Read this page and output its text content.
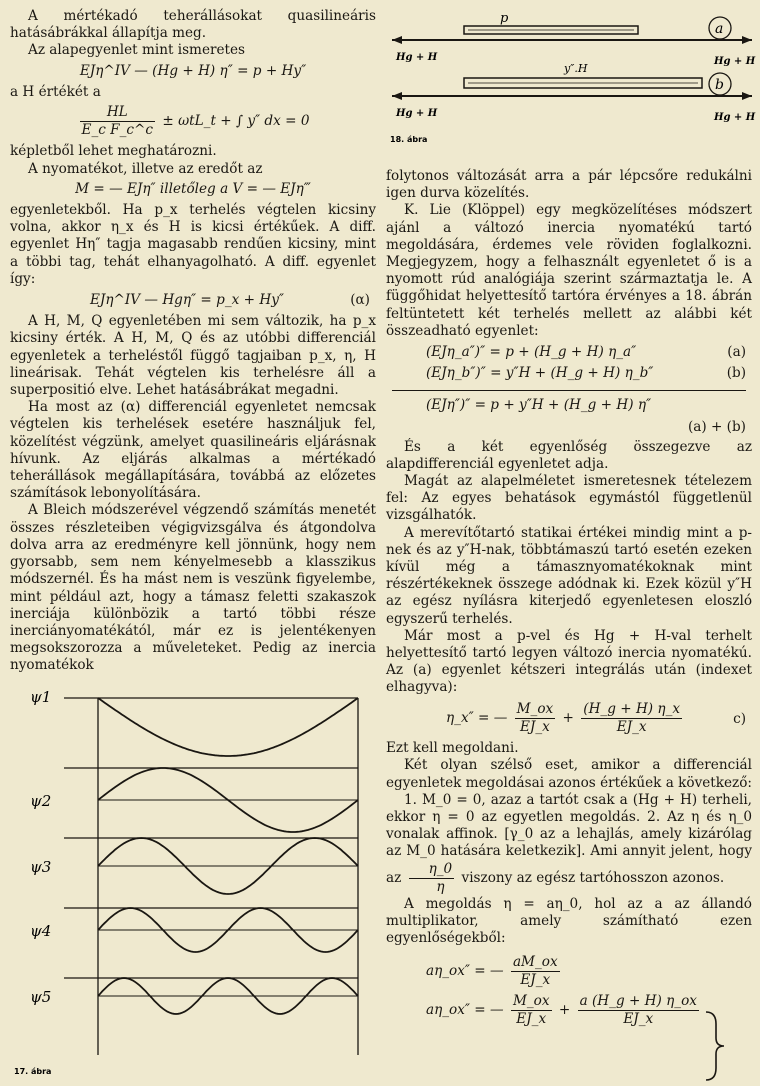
A mértékadó teherállásokat quasilineáris hatásábrákkal állapítja meg.

Az alapegyenlet mint ismeretes

EJη^IV — (Hg + H) η″ = p + Hy″

a H értékét a

$\frac{HL}{\text{E\_c F\_c\textasciicircum{}c}}$ ± ωtL_t + ∫ y″ dx = 0

képletből lehet meghatározni.

A nyomatékot, illetve az eredőt az

M = — EJη″ illetőleg a V = — EJη‴

egyenletekből. Ha p_x terhelés végtelen kicsiny volna, akkor η_x és H is kicsi értékűek. A diff. egyenlet Hη″ tagja magasabb rendűen kicsiny, mint a többi tag, tehát elhanyagolható. A diff. egyenlet így:

EJη^IV — Hgη″ = p_x + Hy″	(α)

A H, M, Q egyenletében mi sem változik, ha p_x kicsiny érték. A H, M, Q és az utóbbi differenciál egyenletek a terheléstől függő tagjaiban p_x, η, H lineárisak. Tehát végtelen kis terhelésre áll a superpositió elve. Lehet hatásábrákat megadni.

Ha most az (α) differenciál egyenletet nemcsak végtelen kis terhelések esetére használjuk fel, közelítést végzünk, amelyet quasilineáris eljárásnak hívunk. Az eljárás alkalmas a mértékadó teherállások megállapítására, továbbá az előzetes számítások lebonyolítására.

A Bleich módszerével végzendő számítás menetét összes részleteiben végigvizsgálva és átgondolva dolva arra az eredményre kell jönnünk, hogy nem gyorsabb, sem nem kényelmesebb a klasszikus módszernél. És ha mást nem is veszünk figyelembe, mint például azt, hogy a támasz feletti szakaszok inerciája különbözik a tartó többi része inerciányomatékától, már ez is jelentékenyen megsokszorozza a műveleteket. Pedig az inercia nyomatékok

ψ1
ψ2
ψ3
ψ4
ψ5
17. ábra
p
Hg + H	Hg + H
a
y″.H
Hg + H	Hg + H
b
18. ábra

folytonos változását arra a pár lépcsőre redukálni igen durva közelítés.

K. Lie (Klöppel) egy megközelítéses módszert ajánl a változó inercia nyomatékú tartó megoldására, érdemes vele röviden foglalkozni. Megjegyzem, hogy a felhasznált egyenletet ő is a nyomott rúd analógiája szerint származtatja le. A függőhidat helyettesítő tartóra érvényes a 18. ábrán feltüntetett két terhelés mellett az alábbi két összeadható egyenlet:

(EJη_a″)″ = p + (H_g + H) η_a″	(a)
(EJη_b″)″ = y″H + (H_g + H) η_b″	(b)
(EJη″)″ = p + y″H + (H_g + H) η″
(a) + (b)

És a két egyenlőség összegezve az alapdifferenciál egyenletet adja.

Magát az alapelméletet ismeretesnek tételezem fel: Az egyes behatások egymástól függetlenül vizsgálhatók.

A merevítőtartó statikai értékei mindig mint a p-nek és az y″H-nak, többtámaszú tartó esetén ezeken kívül még a támasznyomatékoknak mint részértékeknek összege adódnak ki. Ezek közül y″H az egész nyílásra kiterjedő egyenletesen eloszló egyszerű terhelés.

Már most a p-vel és Hg + H-val terhelt helyettesítő tartó legyen változó inercia nyomatékú. Az (a) egyenlet kétszeri integrálás után (indexet elhagyva):

η_x″ = — $\frac{M\_ox}{EJ\_x} + \frac{(H\_g + H) \eta\_x}{EJ\_x}$	c)

Ezt kell megoldani.

Két olyan szélső eset, amikor a differenciál egyenletek megoldásai azonos értékűek a következő:

1. M_0 = 0, azaz a tartót csak a (Hg + H) terheli, ekkor η = 0 az egyetlen megoldás. 2. Az η és η_0 vonalak affinok. [γ_0 az a lehajlás, amely kizárólag az M_0 hatására keletkezik]. Ami annyit jelent, hogy az $\frac{\eta\_0}{\eta}$ viszony az egész tartóhosszon azonos.

A megoldás η = aη_0, hol az a az állandó multiplikator, amely számítható ezen egyenlőségekből:

aη_ox″ = — $\frac{aM\_ox}{EJ\_x}$
aη_ox″ = — $\frac{M\_ox}{EJ\_x} + \frac{a (H\_g + H) \eta\_ox}{EJ\_x}$
